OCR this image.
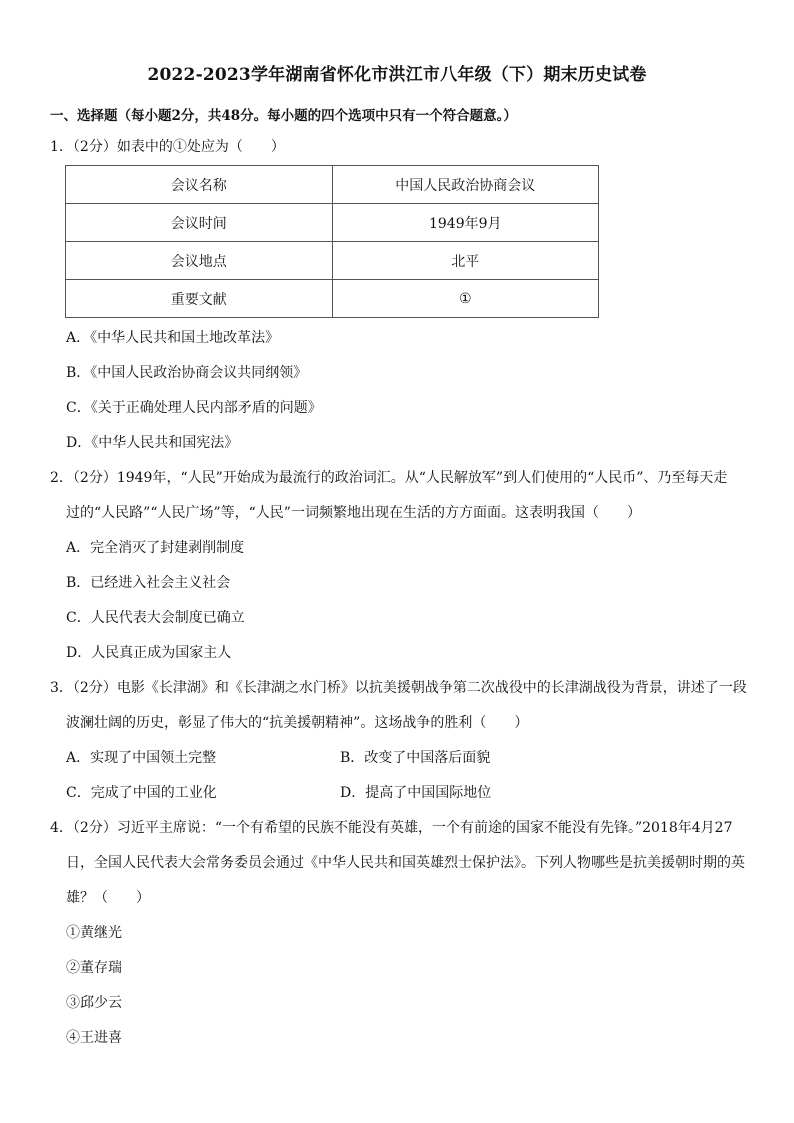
2022-2023学年湖南省怀化市洪江市八年级（下）期末历史试卷
一、选择题（每小题2分，共48分。每小题的四个选项中只有一个符合题意。）
1．（2分）如表中的①处应为（　　）
会议名称	中国人民政治协商会议
会议时间	1949年9月
会议地点	北平
重要文献	①
A．《中华人民共和国土地改革法》
B．《中国人民政治协商会议共同纲领》
C．《关于正确处理人民内部矛盾的问题》
D．《中华人民共和国宪法》
2．（2分）1949年，“人民”开始成为最流行的政治词汇。从“人民解放军”到人们使用的“人民币”、乃至每天走
过的“人民路”“人民广场”等，“人民”一词频繁地出现在生活的方方面面。这表明我国（　　）
A．完全消灭了封建剥削制度
B．已经进入社会主义社会
C．人民代表大会制度已确立
D．人民真正成为国家主人
3．（2分）电影《长津湖》和《长津湖之水门桥》以抗美援朝战争第二次战役中的长津湖战役为背景，讲述了一段
波澜壮阔的历史，彰显了伟大的“抗美援朝精神”。这场战争的胜利（　　）
A．实现了中国领土完整	B．改变了中国落后面貌
C．完成了中国的工业化	D．提高了中国国际地位
4．（2分）习近平主席说：“一个有希望的民族不能没有英雄，一个有前途的国家不能没有先锋。”2018年4月27
日，全国人民代表大会常务委员会通过《中华人民共和国英雄烈士保护法》。下列人物哪些是抗美援朝时期的英
雄？（　　）
①黄继光
②董存瑞
③邱少云
④王进喜
